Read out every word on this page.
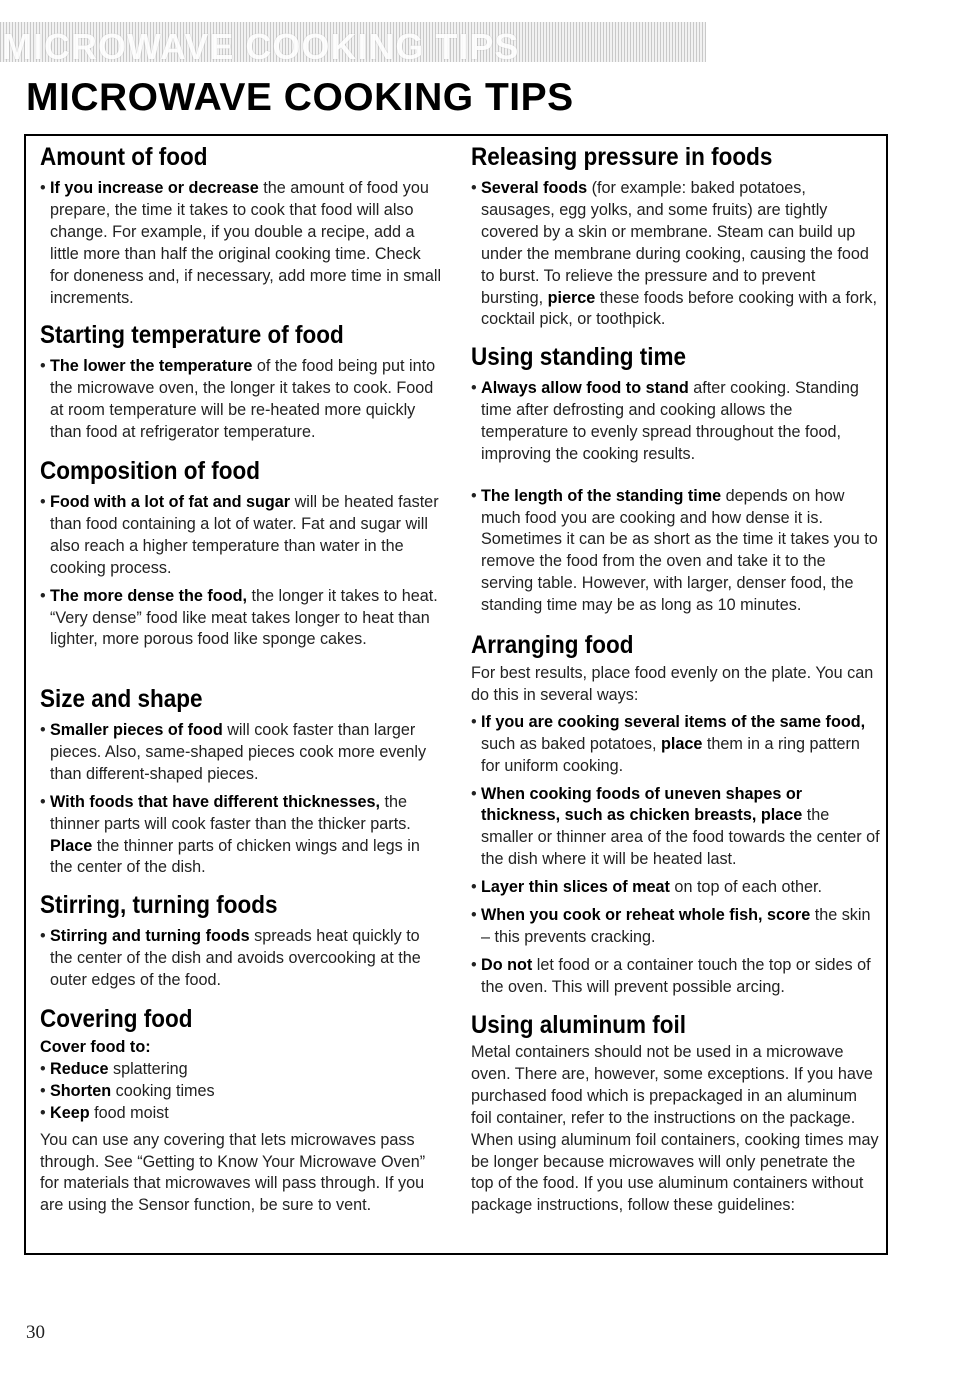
MICROWAVE COOKING TIPS
MICROWAVE COOKING TIPS
Amount of food
• If you increase or decrease the amount of food you prepare, the time it takes to cook that food will also change. For example, if you double a recipe, add a little more than half the original cooking time. Check for doneness and, if necessary, add more time in small increments.
Starting temperature of food
• The lower the temperature of the food being put into the microwave oven, the longer it takes to cook. Food at room temperature will be re-heated more quickly than food at refrigerator temperature.
Composition of food
• Food with a lot of fat and sugar will be heated faster than food containing a lot of water. Fat and sugar will also reach a higher temperature than water in the cooking process.
• The more dense the food, the longer it takes to heat. “Very dense” food like meat takes longer to heat than lighter, more porous food like sponge cakes.
Size and shape
• Smaller pieces of food will cook faster than larger pieces. Also, same-shaped pieces cook more evenly than different-shaped pieces.
• With foods that have different thicknesses, the thinner parts will cook faster than the thicker parts. Place the thinner parts of chicken wings and legs in the center of the dish.
Stirring, turning foods
• Stirring and turning foods spreads heat quickly to the center of the dish and avoids overcooking at the outer edges of the food.
Covering food

Cover food to:

• Reduce splattering
• Shorten cooking times
• Keep food moist

You can use any covering that lets microwaves pass through. See “Getting to Know Your Microwave Oven” for materials that microwaves will pass through. If you are using the Sensor function, be sure to vent.

Releasing pressure in foods
• Several foods (for example: baked potatoes, sausages, egg yolks, and some fruits) are tightly covered by a skin or membrane. Steam can build up under the membrane during cooking, causing the food to burst. To relieve the pressure and to prevent bursting, pierce these foods before cooking with a fork, cocktail pick, or toothpick.
Using standing time
• Always allow food to stand after cooking. Standing time after defrosting and cooking allows the temperature to evenly spread throughout the food, improving the cooking results.
• The length of the standing time depends on how much food you are cooking and how dense it is. Sometimes it can be as short as the time it takes you to remove the food from the oven and take it to the serving table. However, with larger, denser food, the standing time may be as long as 10 minutes.
Arranging food

For best results, place food evenly on the plate. You can do this in several ways:

• If you are cooking several items of the same food, such as baked potatoes, place them in a ring pattern for uniform cooking.
• When cooking foods of uneven shapes or thickness, such as chicken breasts, place the smaller or thinner area of the food towards the center of the dish where it will be heated last.
• Layer thin slices of meat on top of each other.
• When you cook or reheat whole fish, score the skin – this prevents cracking.
• Do not let food or a container touch the top or sides of the oven. This will prevent possible arcing.
Using aluminum foil

Metal containers should not be used in a microwave oven. There are, however, some exceptions. If you have purchased food which is prepackaged in an aluminum foil container, refer to the instructions on the package. When using aluminum foil containers, cooking times may be longer because microwaves will only penetrate the top of the food. If you use aluminum containers without package instructions, follow these guidelines:

30
